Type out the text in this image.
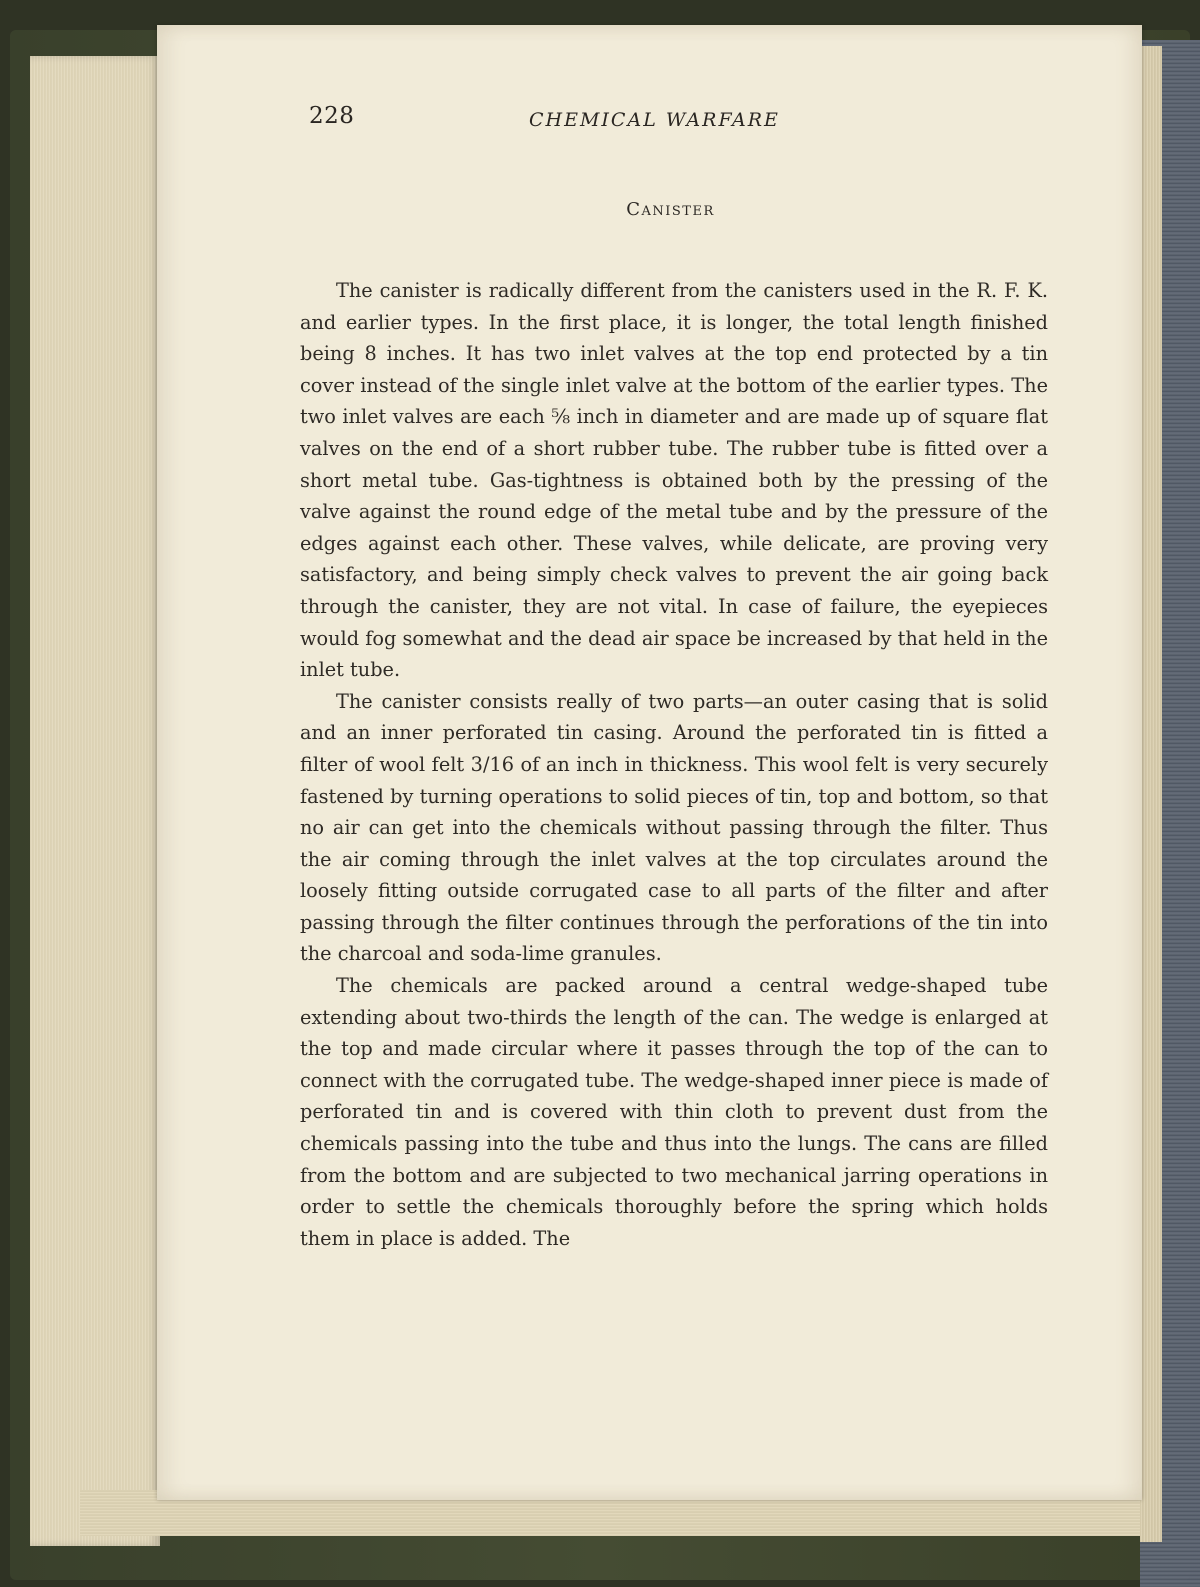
228	CHEMICAL WARFARE
Canister

The canister is radically different from the canisters used in the R. F. K. and earlier types. In the first place, it is longer, the total length finished being 8 inches. It has two inlet valves at the top end protected by a tin cover instead of the single inlet valve at the bottom of the earlier types. The two inlet valves are each ⅝ inch in diameter and are made up of square flat valves on the end of a short rubber tube. The rubber tube is fitted over a short metal tube. Gas-tightness is obtained both by the pressing of the valve against the round edge of the metal tube and by the pressure of the edges against each other. These valves, while delicate, are proving very satisfactory, and being simply check valves to prevent the air going back through the canister, they are not vital. In case of failure, the eyepieces would fog somewhat and the dead air space be increased by that held in the inlet tube.

The canister consists really of two parts—an outer casing that is solid and an inner perforated tin casing. Around the perforated tin is fitted a filter of wool felt 3/16 of an inch in thickness. This wool felt is very securely fastened by turning operations to solid pieces of tin, top and bottom, so that no air can get into the chemicals without passing through the filter. Thus the air coming through the inlet valves at the top circulates around the loosely fitting outside corrugated case to all parts of the filter and after passing through the filter continues through the perforations of the tin into the charcoal and soda-lime granules.

The chemicals are packed around a central wedge-shaped tube extending about two-thirds the length of the can. The wedge is enlarged at the top and made circular where it passes through the top of the can to connect with the corrugated tube. The wedge-shaped inner piece is made of perforated tin and is covered with thin cloth to prevent dust from the chemicals passing into the tube and thus into the lungs. The cans are filled from the bottom and are subjected to two mechanical jarring operations in order to settle the chemicals thoroughly before the spring which holds them in place is added. The
